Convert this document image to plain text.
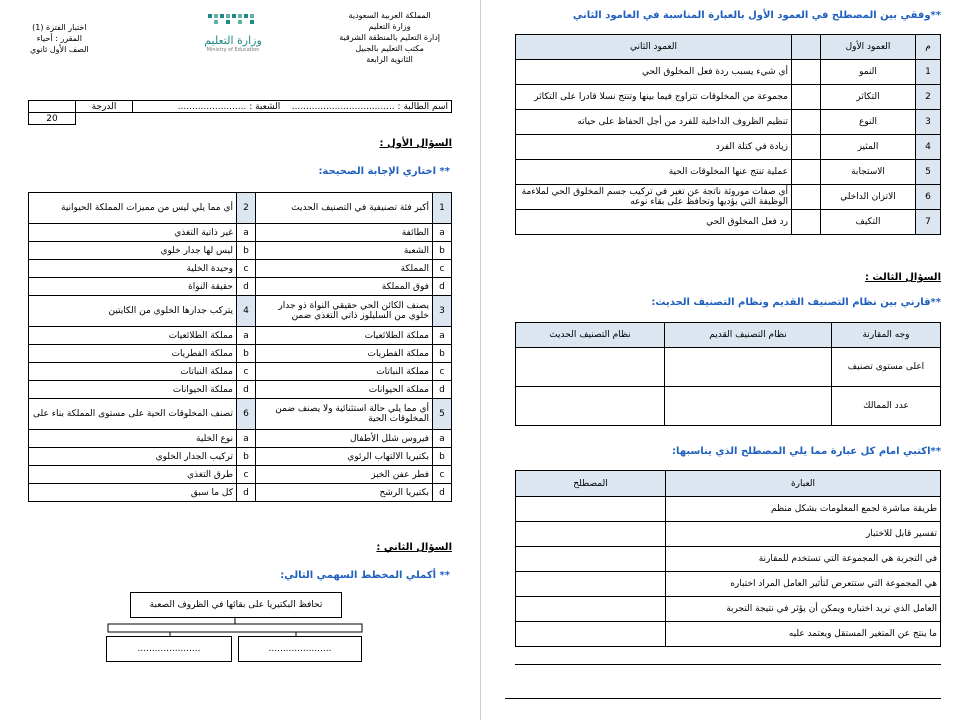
المملكة العربية السعودية
وزارة التعليم
إدارة التعليم بالمنطقة الشرقية
مكتب التعليم بالجبيل
الثانوية الرابعة
وزارة التعليم
Ministry of Education
اختبار الفترة (1)
المقرر : أحياء
الصف الأول ثانوي
اسم الطالبة : ....................................    الشعبة : ........................	الدرجة	
		20
السؤال الأول :
** اختاري الإجابة الصحيحة:
1	أكبر فئة تصنيفية في التصنيف الحديث	2	أي مما يلي ليس من مميزات المملكة الحيوانية
a	الطائفة	a	غير ذاتية التغذي
b	الشعبة	b	ليس لها جدار خلوي
c	المملكة	c	وحيدة الخلية
d	فوق المملكة	d	حقيقة النواة
3	يصنف الكائن الحي حقيقي النواة ذو جدار خلوي من السليلوز ذاتي التغذي ضمن	4	يتركب جدارها الخلوي من الكايتين
a	مملكة الطلائعيات	a	مملكة الطلائعيات
b	مملكة الفطريات	b	مملكة الفطريات
c	مملكة النباتات	c	مملكة النباتات
d	مملكة الحيوانات	d	مملكة الحيوانات
5	أي مما يلي حالة استثنائية ولا يصنف ضمن المخلوقات الحية	6	تصنف المخلوقات الحية على مستوى المملكة بناء على
a	فيروس شلل الأطفال	a	نوع الخلية
b	بكتيريا الالتهاب الرئوي	b	تركيب الجدار الخلوي
c	فطر عفن الخبز	c	طرق التغذي
d	بكتيريا الرشح	d	كل ما سبق
السؤال الثاني :
** أكملي المخطط السهمي التالي:
تحافظ البكتيريا على بقائها في الظروف الصعبة
......................	......................
**وفقي بين المصطلح في العمود الأول بالعبارة المناسبة في العامود الثاني
م	العمود الأول		العمود الثاني
1	النمو		أي شيء يسبب ردة فعل المخلوق الحي
2	التكاثر		مجموعة من المخلوقات تتزاوج فيما بينها وتنتج نسلا قادرا على التكاثر
3	النوع		تنظيم الظروف الداخلية للفرد من أجل الحفاظ على حياته
4	المثير		زيادة في كتلة الفرد
5	الاستجابة		عملية تنتج عنها المخلوقات الحية
6	الاتزان الداخلي		أي صفات موروثة ناتجة عن تغير في تركيب جسم المخلوق الحي لملاءمة الوظيفة التي يؤديها وتحافظ على بقاء نوعه
7	التكيف		رد فعل المخلوق الحي
السؤال الثالث :
**قارني بين نظام التصنيف القديم ونظام التصنيف الحديث:
وجه المقارنة	نظام التصنيف القديم	نظام التصنيف الحديث
اعلى مستوى تصنيف		
عدد الممالك		
**اكتبي امام كل عبارة مما يلي المصطلح الذي يناسبها:
العبارة	المصطلح
طريقة مباشرة لجمع المعلومات بشكل منظم	
تفسير قابل للاختبار	
في التجربة هي المجموعة التي تستخدم للمقارنة	
هي المجموعة التي ستتعرض لتأثير العامل المراد اختباره	
العامل الذي نريد اختباره ويمكن أن يؤثر في نتيجة التجربة	
ما ينتج عن المتغير المستقل ويعتمد عليه	
